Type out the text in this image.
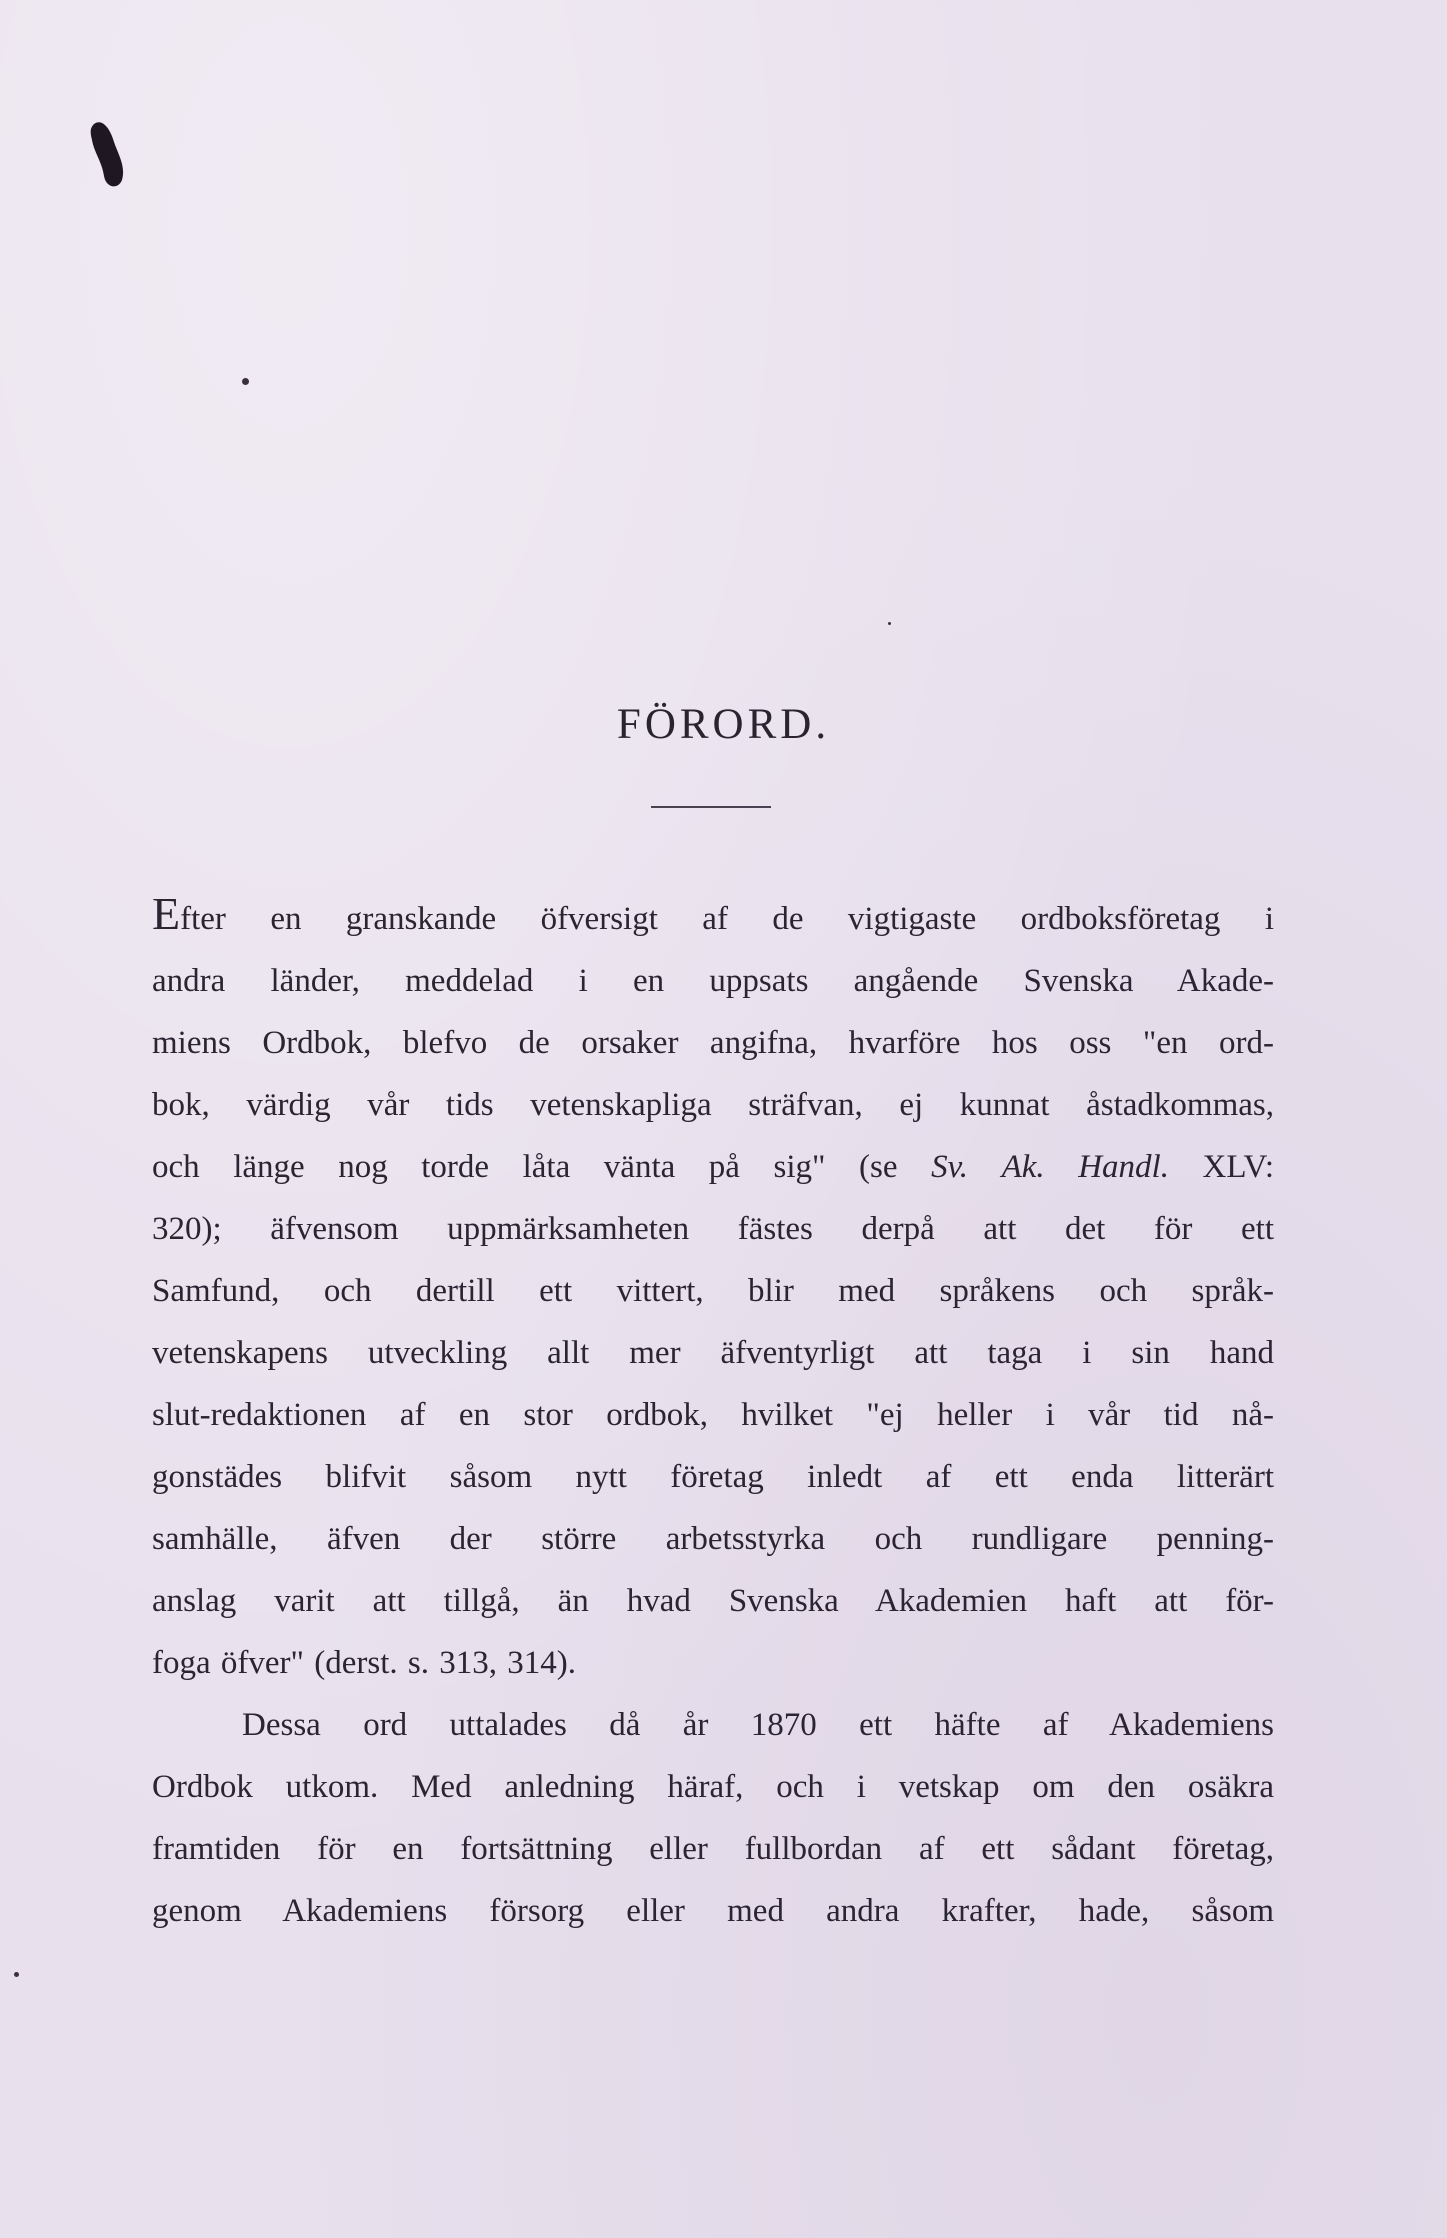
FÖRORD.
Efter en granskande öfversigt af de vigtigaste ordboksföretag i
andra länder, meddelad i en uppsats angående Svenska Akade-
miens Ordbok, blefvo de orsaker angifna, hvarföre hos oss "en ord-
bok, värdig vår tids vetenskapliga sträfvan, ej kunnat åstadkommas,
och länge nog torde låta vänta på sig" (se Sv. Ak. Handl. XLV:
320); äfvensom uppmärksamheten fästes derpå att det för ett
Samfund, och dertill ett vittert, blir med språkens och språk-
vetenskapens utveckling allt mer äfventyrligt att taga i sin hand
slut-redaktionen af en stor ordbok, hvilket "ej heller i vår tid nå-
gonstädes blifvit såsom nytt företag inledt af ett enda litterärt
samhälle, äfven der större arbetsstyrka och rundligare penning-
anslag varit att tillgå, än hvad Svenska Akademien haft att för-
foga öfver" (derst. s. 313, 314).
Dessa ord uttalades då år 1870 ett häfte af Akademiens
Ordbok utkom. Med anledning häraf, och i vetskap om den osäkra
framtiden för en fortsättning eller fullbordan af ett sådant företag,
genom Akademiens försorg eller med andra krafter, hade, såsom
